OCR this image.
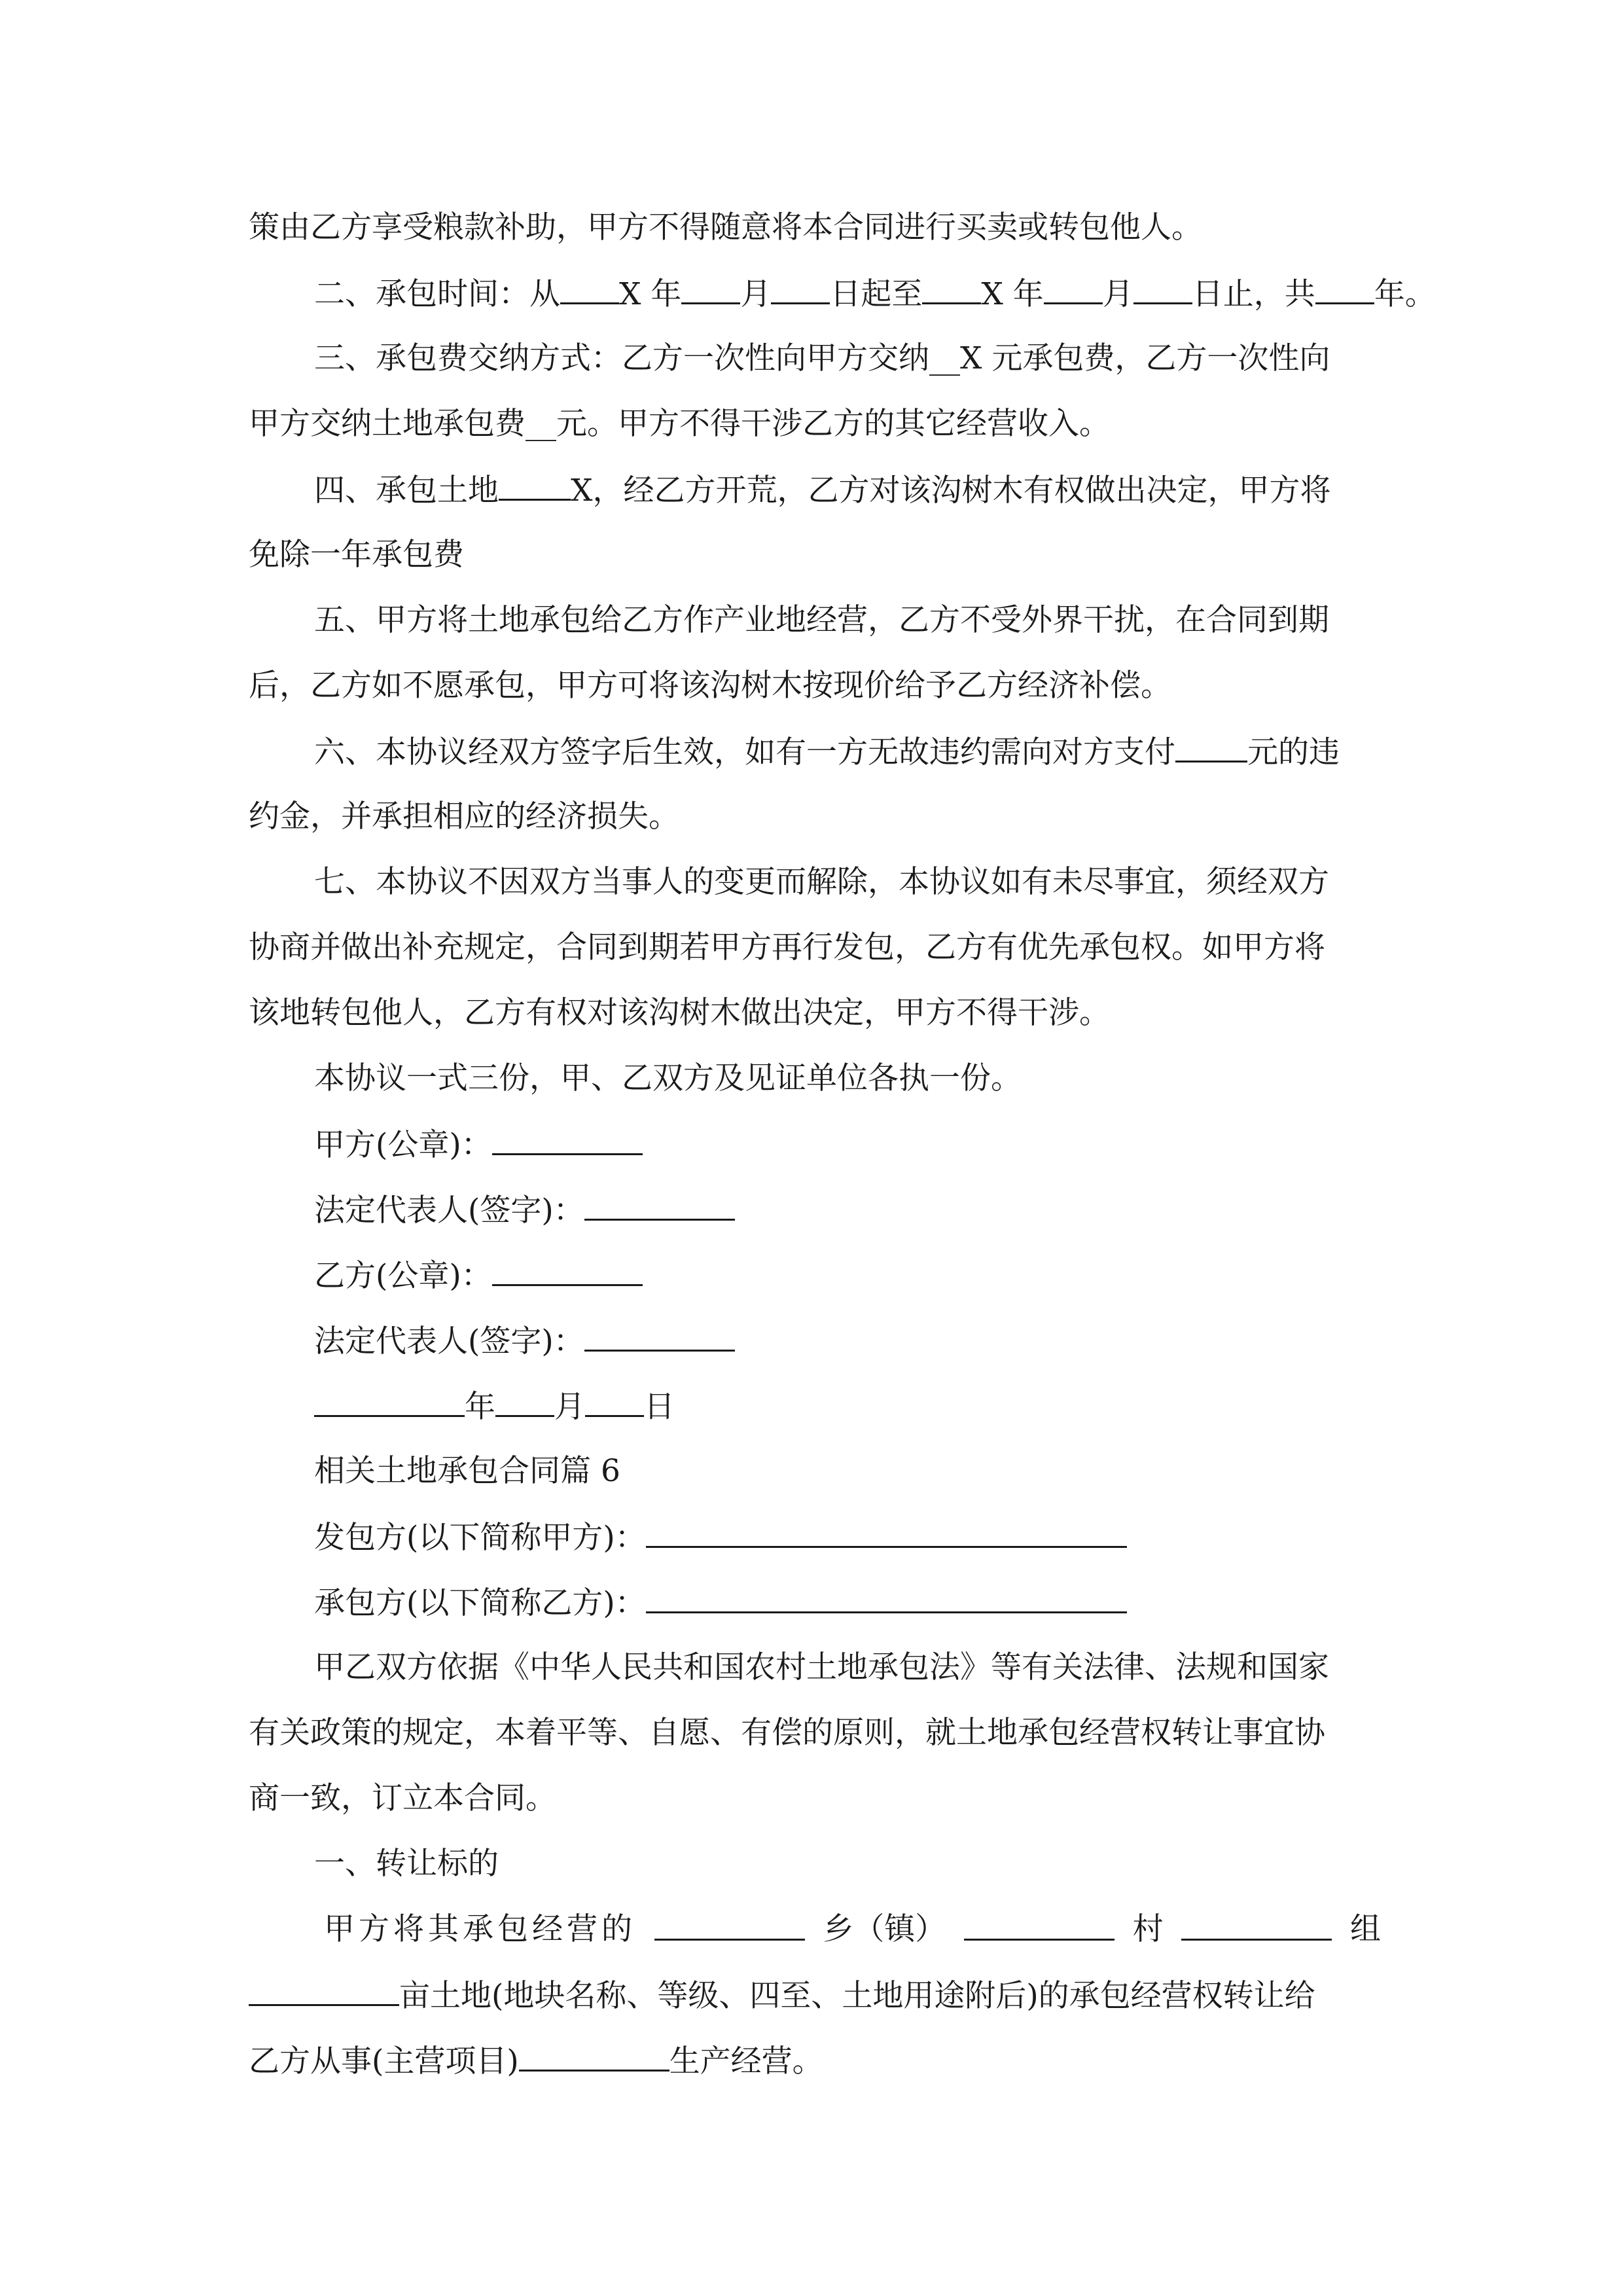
策由乙方享受粮款补助，甲方不得随意将本合同进行买卖或转包他人。
二、承包时间：从 X 年 月 日起至 X 年 月 日止，共 年。
三、承包费交纳方式：乙方一次性向甲方交纳__X 元承包费，乙方一次性向
甲方交纳土地承包费__元。甲方不得干涉乙方的其它经营收入。
四、承包土地 X，经乙方开荒，乙方对该沟树木有权做出决定，甲方将
免除一年承包费
五、甲方将土地承包给乙方作产业地经营，乙方不受外界干扰，在合同到期
后，乙方如不愿承包，甲方可将该沟树木按现价给予乙方经济补偿。
六、本协议经双方签字后生效，如有一方无故违约需向对方支付 元的违
约金，并承担相应的经济损失。
七、本协议不因双方当事人的变更而解除，本协议如有未尽事宜，须经双方
协商并做出补充规定，合同到期若甲方再行发包，乙方有优先承包权。如甲方将
该地转包他人，乙方有权对该沟树木做出决定，甲方不得干涉。
本协议一式三份，甲、乙双方及见证单位各执一份。
甲方(公章)：
法定代表人(签字)：
乙方(公章)：
法定代表人(签字)：
年 月 日
相关土地承包合同篇 6
发包方(以下简称甲方)：
承包方(以下简称乙方)：
甲乙双方依据《中华人民共和国农村土地承包法》等有关法律、法规和国家
有关政策的规定，本着平等、自愿、有偿的原则，就土地承包经营权转让事宜协
商一致，订立本合同。
一、转让标的
甲方将其承包经营的	乡（镇）	村	组
亩土地(地块名称、等级、四至、土地用途附后)的承包经营权转让给
乙方从事(主营项目)	生产经营。
